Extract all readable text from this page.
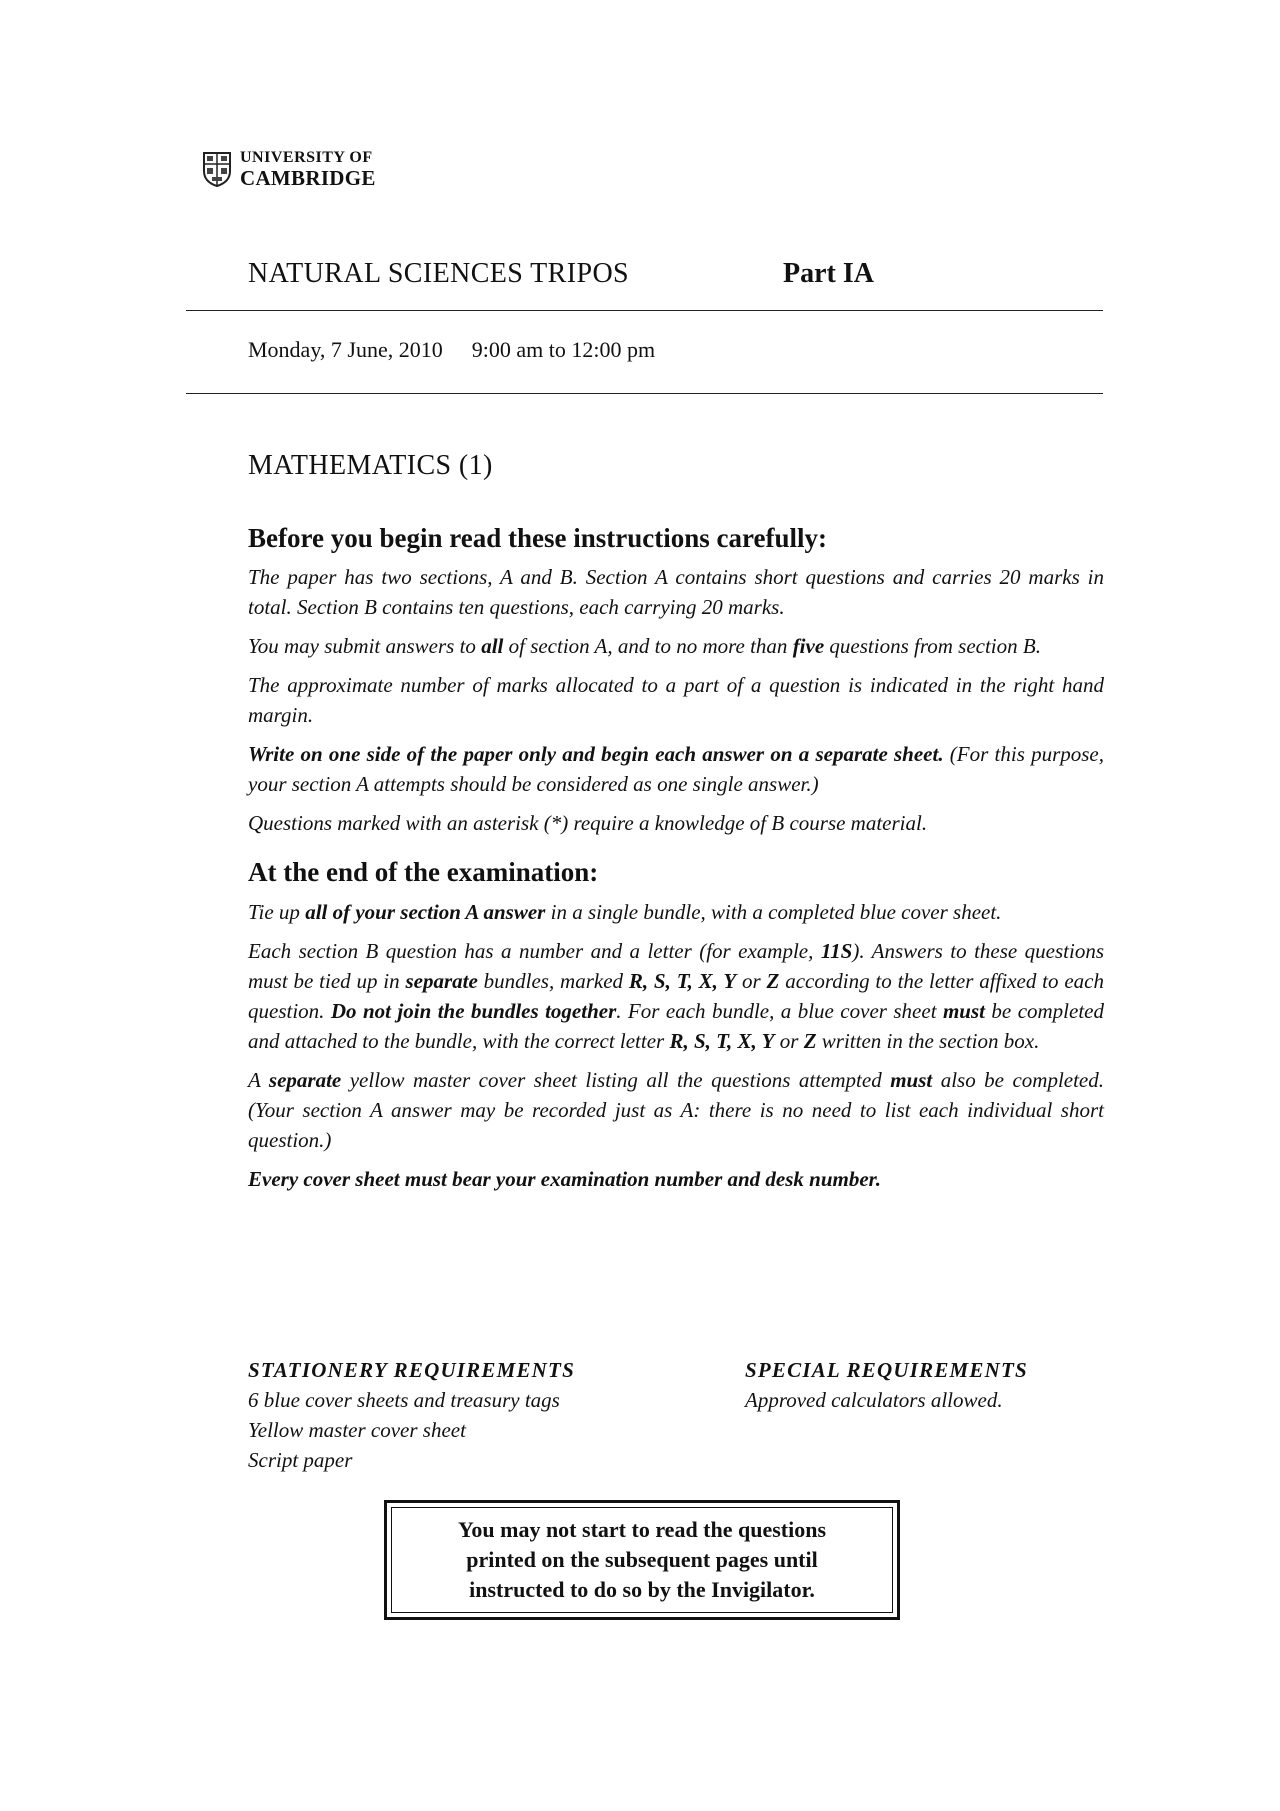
UNIVERSITY OF
CAMBRIDGE
NATURAL SCIENCES TRIPOS	Part IA
Monday, 7 June, 2010 9:00 am to 12:00 pm
MATHEMATICS (1)
Before you begin read these instructions carefully:

The paper has two sections, A and B. Section A contains short questions and carries 20 marks in total. Section B contains ten questions, each carrying 20 marks.

You may submit answers to all of section A, and to no more than five questions from section B.

The approximate number of marks allocated to a part of a question is indicated in the right hand margin.

Write on one side of the paper only and begin each answer on a separate sheet. (For this purpose, your section A attempts should be considered as one single answer.)

Questions marked with an asterisk (*) require a knowledge of B course material.

At the end of the examination:

Tie up all of your section A answer in a single bundle, with a completed blue cover sheet.

Each section B question has a number and a letter (for example, 11S). Answers to these questions must be tied up in separate bundles, marked R, S, T, X, Y or Z according to the letter affixed to each question. Do not join the bundles together. For each bundle, a blue cover sheet must be completed and attached to the bundle, with the correct letter R, S, T, X, Y or Z written in the section box.

A separate yellow master cover sheet listing all the questions attempted must also be completed. (Your section A answer may be recorded just as A: there is no need to list each individual short question.)

Every cover sheet must bear your examination number and desk number.

STATIONERY REQUIREMENTS
6 blue cover sheets and treasury tags
Yellow master cover sheet
Script paper
SPECIAL REQUIREMENTS
Approved calculators allowed.
You may not start to read the questions
printed on the subsequent pages until
instructed to do so by the Invigilator.
